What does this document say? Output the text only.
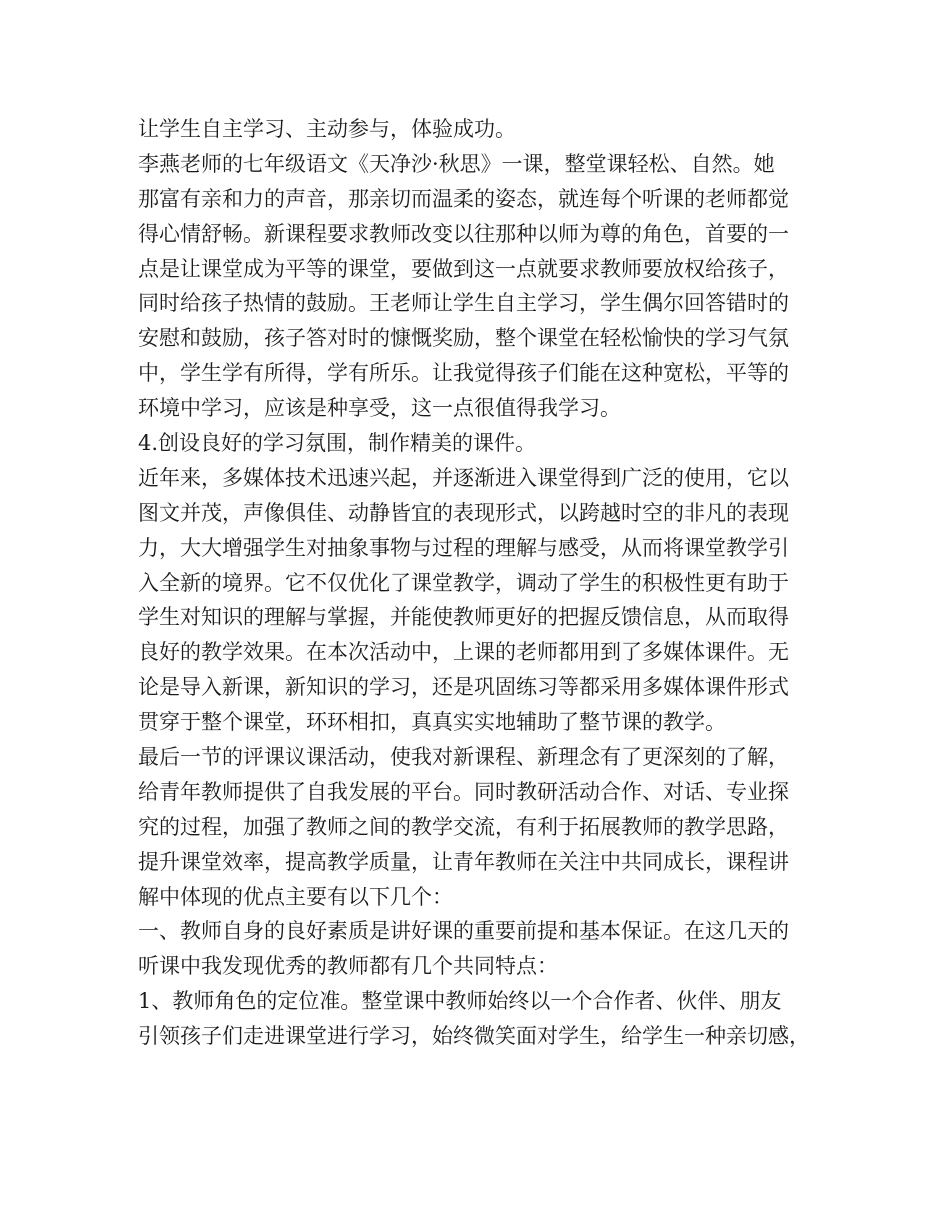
让学生自主学习、主动参与，体验成功。
李燕老师的七年级语文《天净沙·秋思》一课，整堂课轻松、自然。她
那富有亲和力的声音，那亲切而温柔的姿态，就连每个听课的老师都觉
得心情舒畅。新课程要求教师改变以往那种以师为尊的角色，首要的一
点是让课堂成为平等的课堂，要做到这一点就要求教师要放权给孩子，
同时给孩子热情的鼓励。王老师让学生自主学习，学生偶尔回答错时的
安慰和鼓励，孩子答对时的慷慨奖励，整个课堂在轻松愉快的学习气氛
中，学生学有所得，学有所乐。让我觉得孩子们能在这种宽松，平等的
环境中学习，应该是种享受，这一点很值得我学习。
4.创设良好的学习氛围，制作精美的课件。
近年来，多媒体技术迅速兴起，并逐渐进入课堂得到广泛的使用，它以
图文并茂，声像俱佳、动静皆宜的表现形式，以跨越时空的非凡的表现
力，大大增强学生对抽象事物与过程的理解与感受，从而将课堂教学引
入全新的境界。它不仅优化了课堂教学，调动了学生的积极性更有助于
学生对知识的理解与掌握，并能使教师更好的把握反馈信息，从而取得
良好的教学效果。在本次活动中，上课的老师都用到了多媒体课件。无
论是导入新课，新知识的学习，还是巩固练习等都采用多媒体课件形式
贯穿于整个课堂，环环相扣，真真实实地辅助了整节课的教学。
最后一节的评课议课活动，使我对新课程、新理念有了更深刻的了解，
给青年教师提供了自我发展的平台。同时教研活动合作、对话、专业探
究的过程，加强了教师之间的教学交流，有利于拓展教师的教学思路，
提升课堂效率，提高教学质量，让青年教师在关注中共同成长，课程讲
解中体现的优点主要有以下几个：
一、教师自身的良好素质是讲好课的重要前提和基本保证。在这几天的
听课中我发现优秀的教师都有几个共同特点：
1、教师角色的定位准。整堂课中教师始终以一个合作者、伙伴、朋友
引领孩子们走进课堂进行学习，始终微笑面对学生，给学生一种亲切感，
